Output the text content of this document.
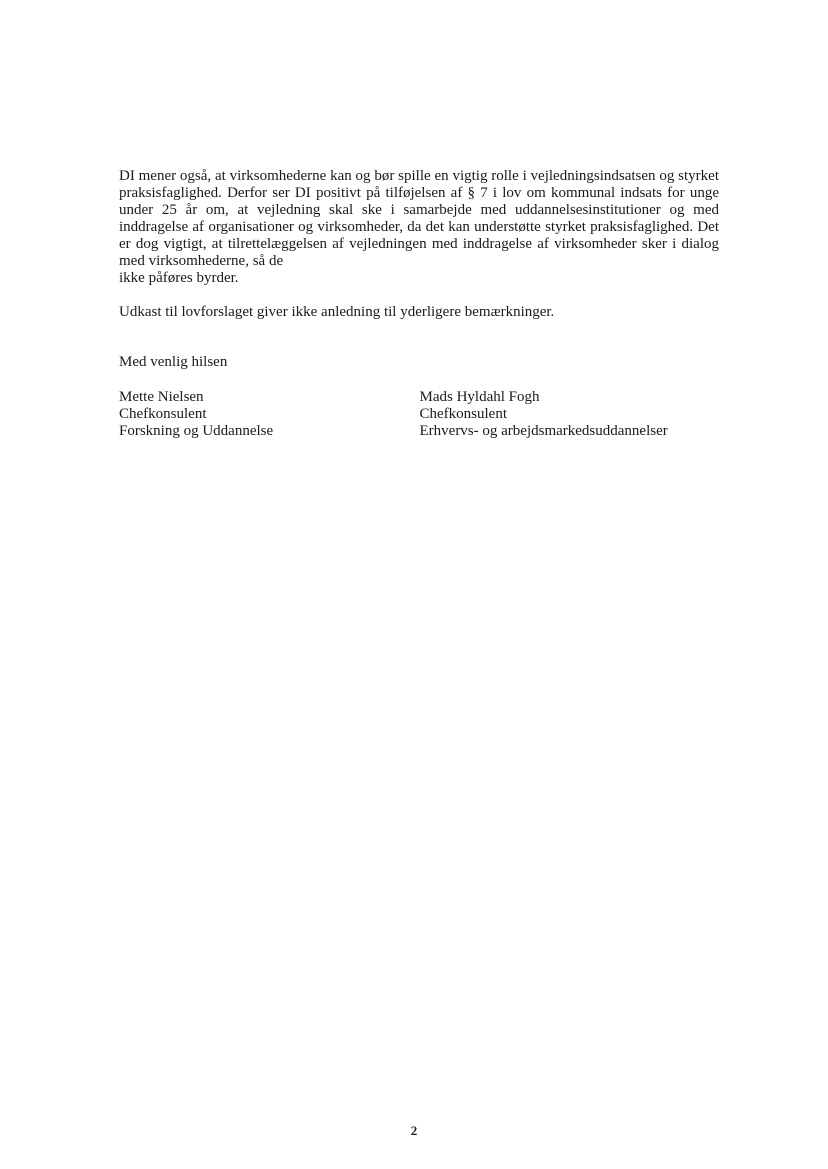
DI mener også, at virksomhederne kan og bør spille en vigtig rolle i vejledningsindsatsen og styrket praksisfaglighed. Derfor ser DI positivt på tilføjelsen af § 7 i lov om kommunal indsats for unge under 25 år om, at vejledning skal ske i samarbejde med uddannelsesinstitutioner og med inddragelse af organisationer og virksomheder, da det kan understøtte styrket praksisfaglighed. Det er dog vigtigt, at tilrettelæggelsen af vejledningen med inddragelse af virksomheder sker i dialog med virksomhederne, så de
ikke påføres byrder.

Udkast til lovforslaget giver ikke anledning til yderligere bemærkninger.

Med venlig hilsen
Mette Nielsen
Chefkonsulent
Forskning og Uddannelse
Mads Hyldahl Fogh
Chefkonsulent
Erhvervs- og arbejdsmarkedsuddannelser
2
